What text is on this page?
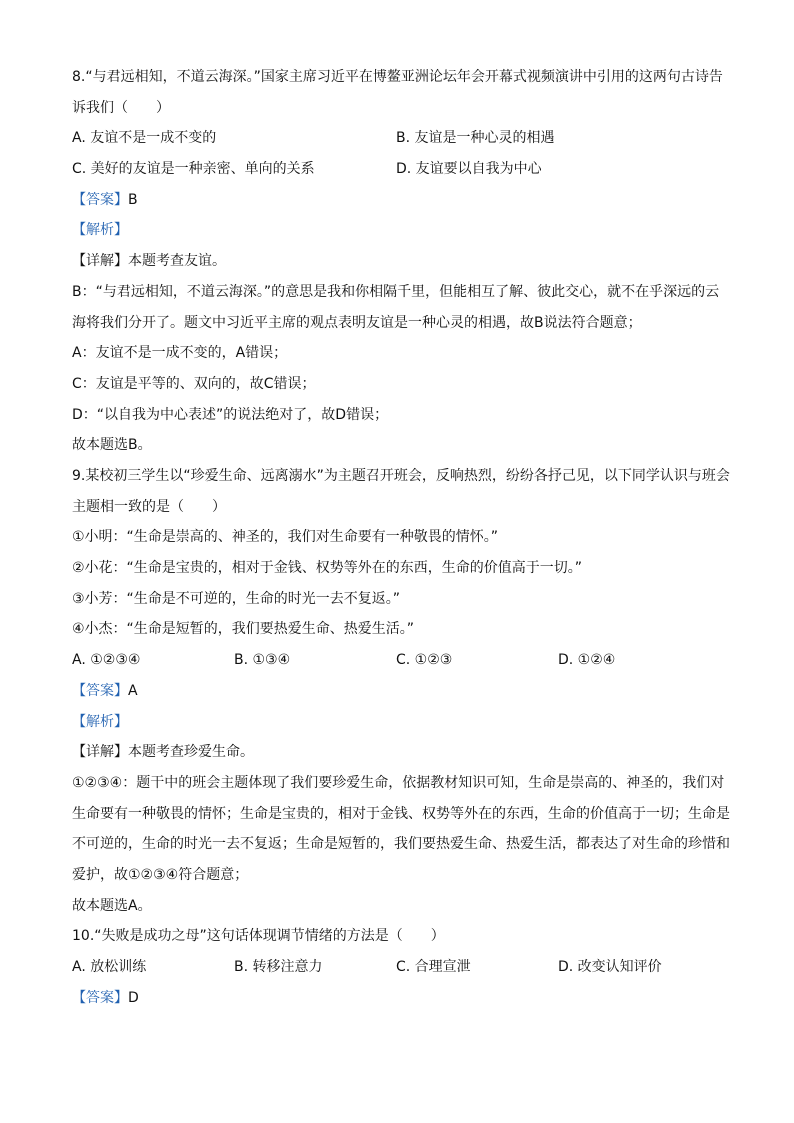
8.“与君远相知，不道云海深。”国家主席习近平在博鳌亚洲论坛年会开幕式视频演讲中引用的这两句古诗告诉我们（　　）
A. 友谊不是一成不变的	B. 友谊是一种心灵的相遇
C. 美好的友谊是一种亲密、单向的关系	D. 友谊要以自我为中心
【答案】B
【解析】
【详解】本题考查友谊。
B：“与君远相知，不道云海深。”的意思是我和你相隔千里，但能相互了解、彼此交心，就不在乎深远的云海将我们分开了。题文中习近平主席的观点表明友谊是一种心灵的相遇，故B说法符合题意；
A：友谊不是一成不变的，A错误；
C：友谊是平等的、双向的，故C错误；
D：“以自我为中心表述”的说法绝对了，故D错误；
故本题选B。
9.某校初三学生以“珍爱生命、远离溺水”为主题召开班会，反响热烈，纷纷各抒己见，以下同学认识与班会主题相一致的是（　　）
①小明：“生命是崇高的、神圣的，我们对生命要有一种敬畏的情怀。”
②小花：“生命是宝贵的，相对于金钱、权势等外在的东西，生命的价值高于一切。”
③小芳：“生命是不可逆的，生命的时光一去不复返。”
④小杰：“生命是短暂的，我们要热爱生命、热爱生活。”
A. ①②③④	B. ①③④	C. ①②③	D. ①②④
【答案】A
【解析】
【详解】本题考查珍爱生命。
①②③④：题干中的班会主题体现了我们要珍爱生命，依据教材知识可知，生命是崇高的、神圣的，我们对生命要有一种敬畏的情怀；生命是宝贵的，相对于金钱、权势等外在的东西，生命的价值高于一切；生命是不可逆的，生命的时光一去不复返；生命是短暂的，我们要热爱生命、热爱生活，都表达了对生命的珍惜和爱护，故①②③④符合题意；
故本题选A。
10.“失败是成功之母”这句话体现调节情绪的方法是（　　）
A. 放松训练	B. 转移注意力	C. 合理宣泄	D. 改变认知评价
【答案】D
